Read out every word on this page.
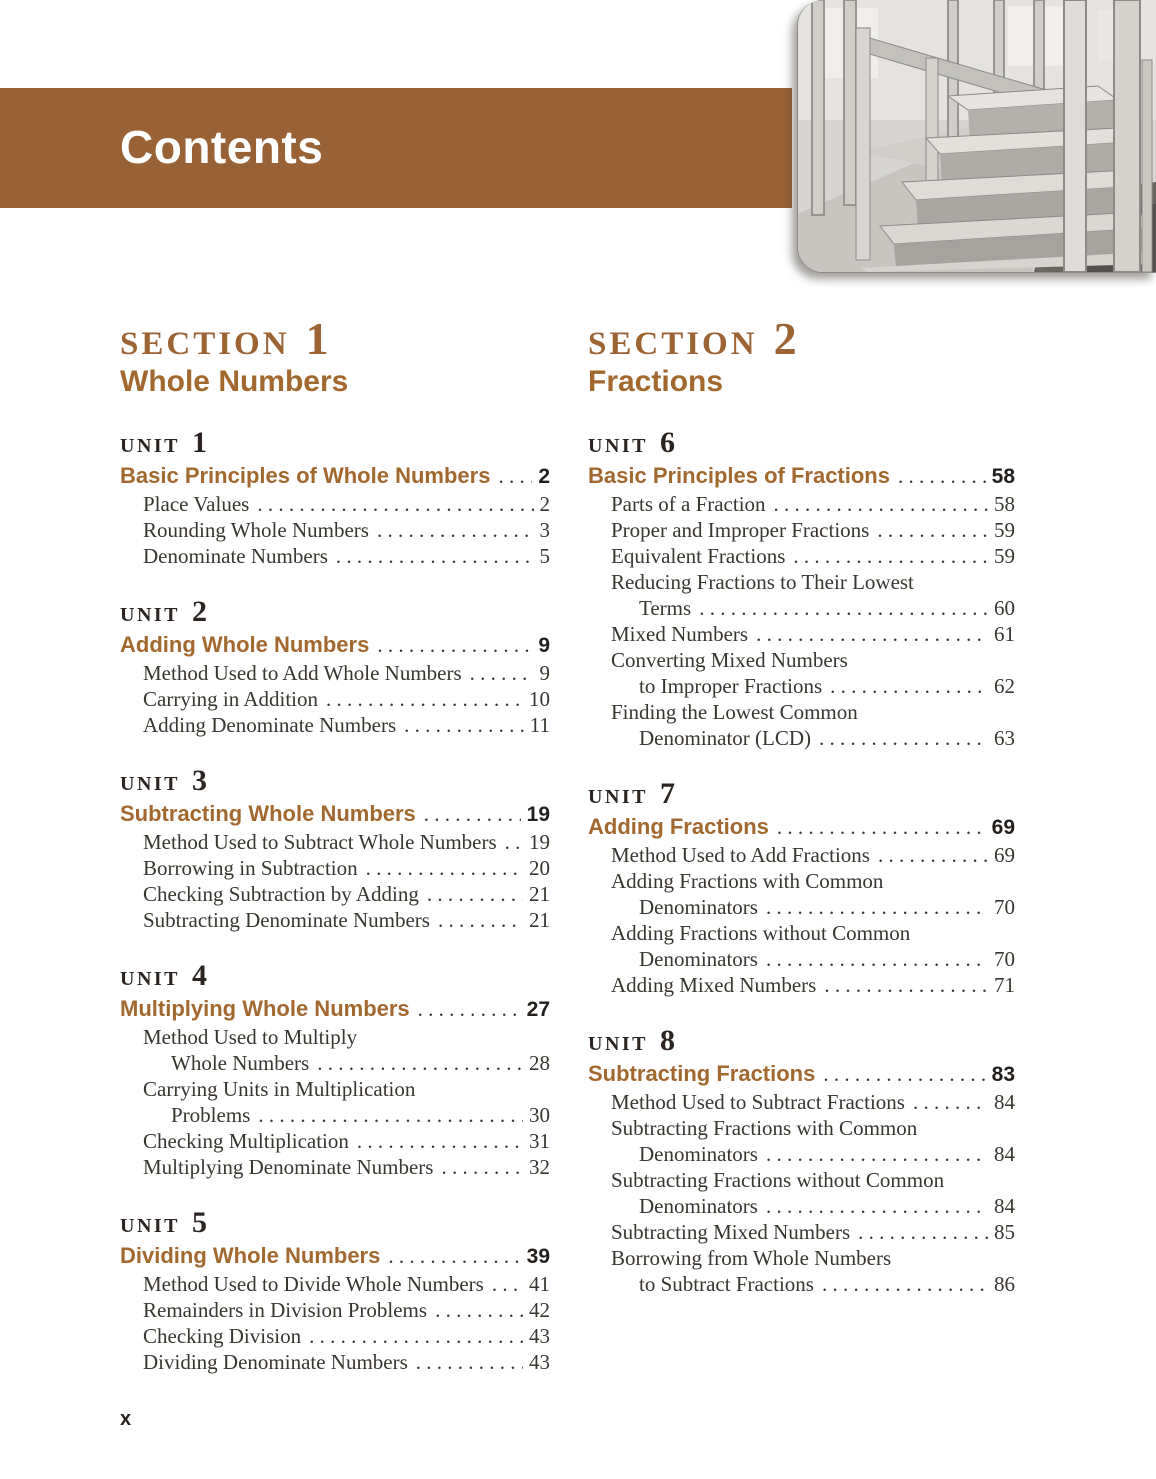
Contents
SECTION 1
Whole Numbers
UNIT 1
Basic Principles of Whole Numbers . . . 2
Place Values . . .	2
Rounding Whole Numbers . . .	3
Denominate Numbers . . .	5
UNIT 2
Adding Whole Numbers . . .	9
Method Used to Add Whole Numbers . . .	9
Carrying in Addition . . .	10
Adding Denominate Numbers . . .	11
UNIT 3
Subtracting Whole Numbers . . .	19
Method Used to Subtract Whole Numbers . . . 19
Borrowing in Subtraction . . .	20
Checking Subtraction by Adding . . .	21
Subtracting Denominate Numbers . . .	21
UNIT 4
Multiplying Whole Numbers . . .	27
Method Used to Multiply
Whole Numbers . . .	28
Carrying Units in Multiplication
Problems . . .	30
Checking Multiplication . . .	31
Multiplying Denominate Numbers . . .	32
UNIT 5
Dividing Whole Numbers . . .	39
Method Used to Divide Whole Numbers . . . 41
Remainders in Division Problems . . .	42
Checking Division . . .	43
Dividing Denominate Numbers . . .	43
SECTION 2
Fractions
UNIT 6
Basic Principles of Fractions . . .	58
Parts of a Fraction . . .	58
Proper and Improper Fractions . . .	59
Equivalent Fractions . . .	59
Reducing Fractions to Their Lowest
Terms . . .	60
Mixed Numbers . . .	61
Converting Mixed Numbers
to Improper Fractions . . .	62
Finding the Lowest Common
Denominator (LCD) . . .	63
UNIT 7
Adding Fractions . . .	69
Method Used to Add Fractions . . .	69
Adding Fractions with Common
Denominators . . .	70
Adding Fractions without Common
Denominators . . .	70
Adding Mixed Numbers . . .	71
UNIT 8
Subtracting Fractions . . .	83
Method Used to Subtract Fractions . . .	84
Subtracting Fractions with Common
Denominators . . .	84
Subtracting Fractions without Common
Denominators . . .	84
Subtracting Mixed Numbers . . .	85
Borrowing from Whole Numbers
to Subtract Fractions . . .	86
x
